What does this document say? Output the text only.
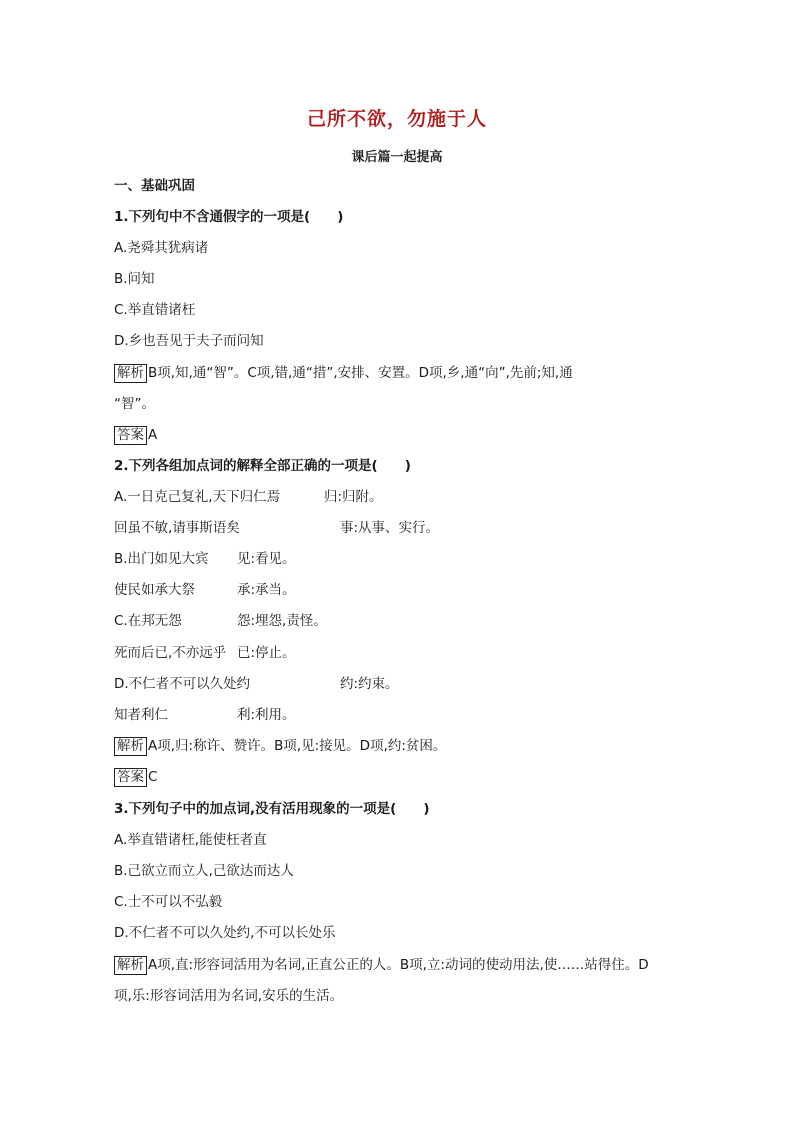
己所不欲，勿施于人
课后篇一起提高
一、基础巩固
1.下列句中不含通假字的一项是(　　)
A.尧舜其犹病诸
B.问知
C.举直错诸枉
D.乡也吾见于夫子而问知
解析 B项,知,通“智”。C项,错,通“措”,安排、安置。D项,乡,通“向”,先前;知,通
“智”。
答案 A
2.下列各组加点词的解释全部正确的一项是(　　)
A.一日克己复礼,天下归仁焉	归:归附。
回虽不敏,请事斯语矣	事:从事、实行。
B.出门如见大宾 见:看见。
使民如承大祭	承:承当。
C.在邦无怨	怨:埋怨,责怪。
死而后已,不亦远乎 已:停止。
D.不仁者不可以久处约	约:约束。
知者利仁	利:利用。
解析 A项,归:称许、赞许。B项,见:接见。D项,约:贫困。
答案 C
3.下列句子中的加点词,没有活用现象的一项是(　　)
A.举直错诸枉,能使枉者直
B.己欲立而立人,己欲达而达人
C.士不可以不弘毅
D.不仁者不可以久处约,不可以长处乐
解析 A项,直:形容词活用为名词,正直公正的人。B项,立:动词的使动用法,使……站得住。D
项,乐:形容词活用为名词,安乐的生活。
